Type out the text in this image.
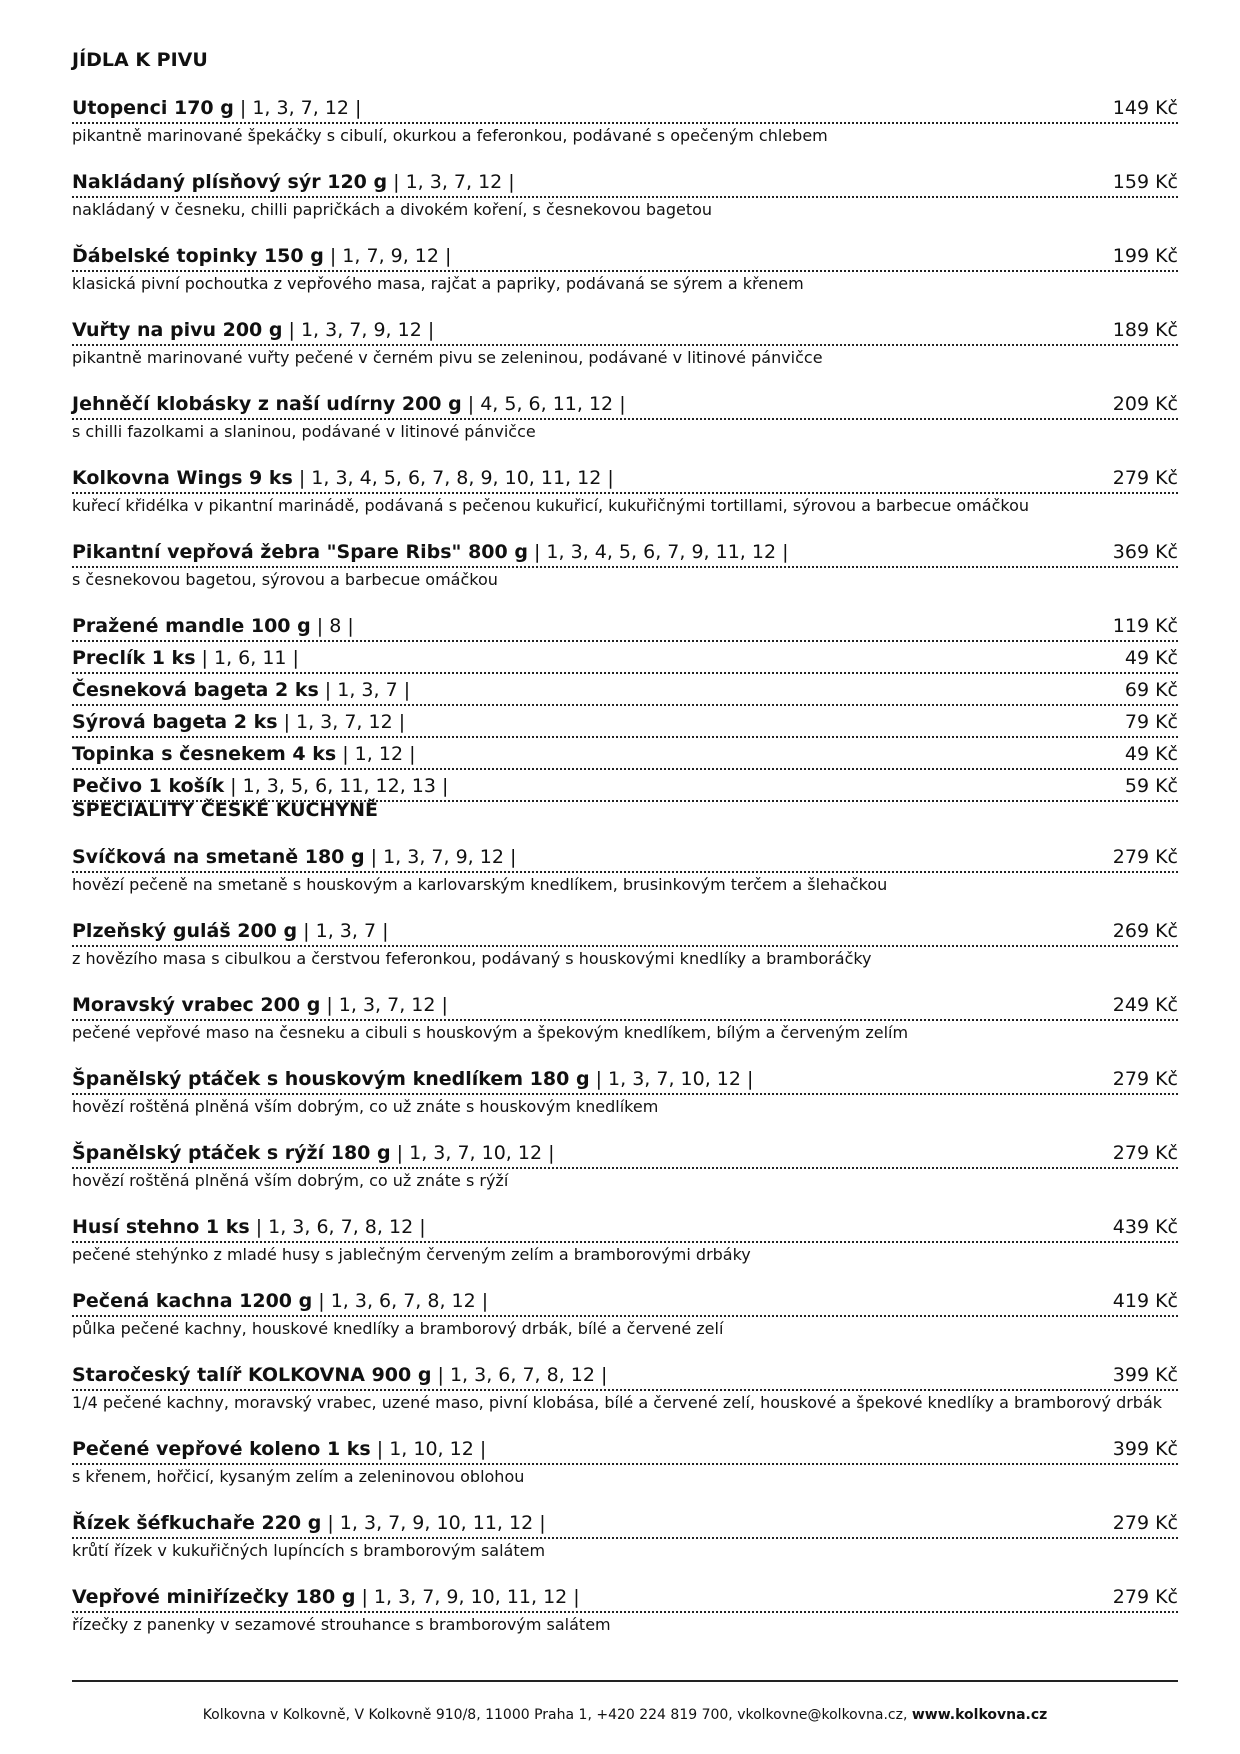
JÍDLA K PIVU
Utopenci 170 g | 1, 3, 7, 12 |	149 Kč
pikantně marinované špekáčky s cibulí, okurkou a feferonkou, podávané s opečeným chlebem
Nakládaný plísňový sýr 120 g | 1, 3, 7, 12 |	159 Kč
nakládaný v česneku, chilli papričkách a divokém koření, s česnekovou bagetou
Ďábelské topinky 150 g | 1, 7, 9, 12 |	199 Kč
klasická pivní pochoutka z vepřového masa, rajčat a papriky, podávaná se sýrem a křenem
Vuřty na pivu 200 g | 1, 3, 7, 9, 12 |	189 Kč
pikantně marinované vuřty pečené v černém pivu se zeleninou, podávané v litinové pánvičce
Jehněčí klobásky z naší udírny 200 g | 4, 5, 6, 11, 12 |	209 Kč
s chilli fazolkami a slaninou, podávané v litinové pánvičce
Kolkovna Wings 9 ks | 1, 3, 4, 5, 6, 7, 8, 9, 10, 11, 12 |	279 Kč
kuřecí křidélka v pikantní marinádě, podávaná s pečenou kukuřicí, kukuřičnými tortillami, sýrovou a barbecue omáčkou
Pikantní vepřová žebra "Spare Ribs" 800 g | 1, 3, 4, 5, 6, 7, 9, 11, 12 |	369 Kč
s česnekovou bagetou, sýrovou a barbecue omáčkou
Pražené mandle 100 g | 8 |	119 Kč
Preclík 1 ks | 1, 6, 11 |	49 Kč
Česneková bageta 2 ks | 1, 3, 7 |	69 Kč
Sýrová bageta 2 ks | 1, 3, 7, 12 |	79 Kč
Topinka s česnekem 4 ks | 1, 12 |	49 Kč
Pečivo 1 košík | 1, 3, 5, 6, 11, 12, 13 |	59 Kč
SPECIALITY ČESKÉ KUCHYNĚ
Svíčková na smetaně 180 g | 1, 3, 7, 9, 12 |	279 Kč
hovězí pečeně na smetaně s houskovým a karlovarským knedlíkem, brusinkovým terčem a šlehačkou
Plzeňský guláš 200 g | 1, 3, 7 |	269 Kč
z hovězího masa s cibulkou a čerstvou feferonkou, podávaný s houskovými knedlíky a bramboráčky
Moravský vrabec 200 g | 1, 3, 7, 12 |	249 Kč
pečené vepřové maso na česneku a cibuli s houskovým a špekovým knedlíkem, bílým a červeným zelím
Španělský ptáček s houskovým knedlíkem 180 g | 1, 3, 7, 10, 12 |	279 Kč
hovězí roštěná plněná vším dobrým, co už znáte s houskovým knedlíkem
Španělský ptáček s rýží 180 g | 1, 3, 7, 10, 12 |	279 Kč
hovězí roštěná plněná vším dobrým, co už znáte s rýží
Husí stehno 1 ks | 1, 3, 6, 7, 8, 12 |	439 Kč
pečené stehýnko z mladé husy s jablečným červeným zelím a bramborovými drbáky
Pečená kachna 1200 g | 1, 3, 6, 7, 8, 12 |	419 Kč
půlka pečené kachny, houskové knedlíky a bramborový drbák, bílé a červené zelí
Staročeský talíř KOLKOVNA 900 g | 1, 3, 6, 7, 8, 12 |	399 Kč
1/4 pečené kachny, moravský vrabec, uzené maso, pivní klobása, bílé a červené zelí, houskové a špekové knedlíky a bramborový drbák
Pečené vepřové koleno 1 ks | 1, 10, 12 |	399 Kč
s křenem, hořčicí, kysaným zelím a zeleninovou oblohou
Řízek šéfkuchaře 220 g | 1, 3, 7, 9, 10, 11, 12 |	279 Kč
krůtí řízek v kukuřičných lupíncích s bramborovým salátem
Vepřové miniřízečky 180 g | 1, 3, 7, 9, 10, 11, 12 |	279 Kč
řízečky z panenky v sezamové strouhance s bramborovým salátem
Kolkovna v Kolkovně, V Kolkovně 910/8, 11000 Praha 1, +420 224 819 700, vkolkovne@kolkovna.cz, www.kolkovna.cz
